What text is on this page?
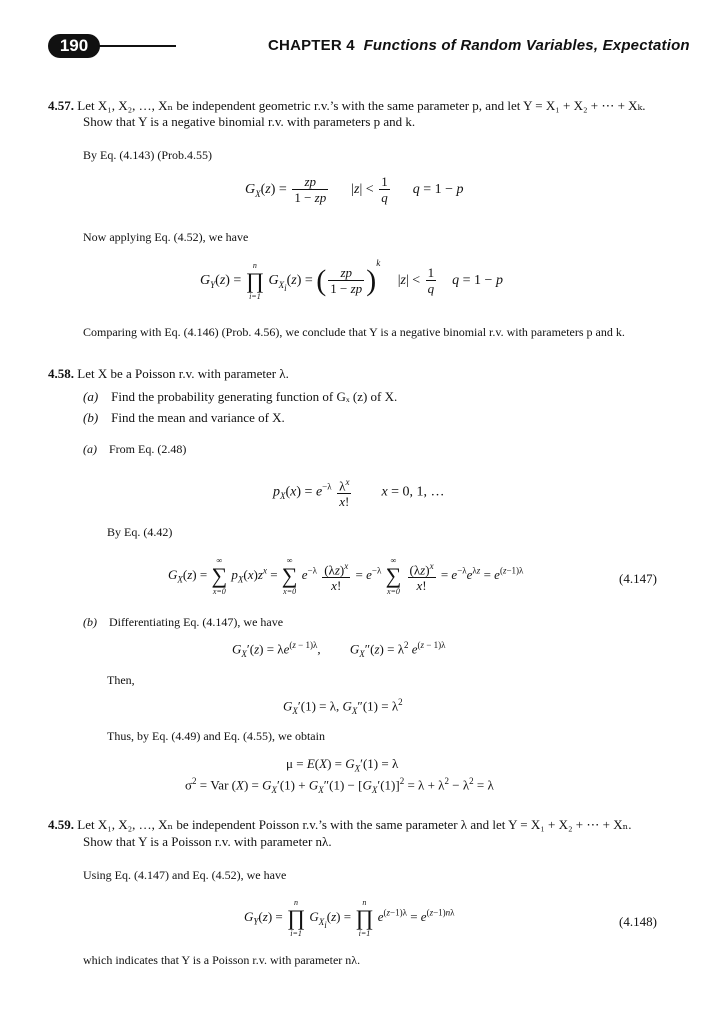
190	CHAPTER 4 Functions of Random Variables, Expectation
4.57. Let X₁, X₂, …, Xₙ be independent geometric r.v.’s with the same parameter p, and let Y = X₁ + X₂ + ⋯ + Xₖ.
Show that Y is a negative binomial r.v. with parameters p and k.
By Eq. (4.143) (Prob.4.55)
$G_X(z) = \frac{zp}{1 - zp} |z| < \frac{1}{q}$ q = 1 − p
Now applying Eq. (4.52), we have
$G_Y(z)$ =
n
∏
i=1
$G_{X_i}(z)$ = ( $\frac{zp}{1 - zp} )^k$     $|z| < \frac{1}{q}$ q = 1 − p
Comparing with Eq. (4.146) (Prob. 4.56), we conclude that Y is a negative binomial r.v. with parameters p and k.
4.58. Let X be a Poisson r.v. with parameter λ.
(a) Find the probability generating function of Gₓ (z) of X.
(b) Find the mean and variance of X.
(a) From Eq. (2.48)
$p_X(x) = e^{-\lambda} \frac{\lambda^x}{x!}$ x = 0, 1, …
By Eq. (4.42)
$G_X(z)$ =
∞
∑
x=0
$p_X(x)z^x$ =
∞
∑
x=0
$e^{-\lambda} \frac{(\lambda z)^x}{x!} = e^{-\lambda}$
∞
∑
x=0
$\frac{(\lambda z)^x}{x!} = e^{-\lambda}e^{\lambda z} = e^{(z-1)\lambda}$
(4.147)
(b) Differentiating Eq. (4.147), we have
$G_X'(z) = \lambda e^{(z - 1)\lambda}$,         $G_X''(z) = \lambda^2$ $e^{(z - 1)\lambda}$
Then,
$G_X'(1) = \lambda$, $G_X''(1) = \lambda^2$
Thus, by Eq. (4.49) and Eq. (4.55), we obtain
$\mu = E(X) = G_X'(1) = \lambda$
$\sigma^2$ = Var $(X) = G_X'(1) + G_X''(1) - [G_X'(1)]^2 = \lambda + \lambda^2 - \lambda^2 = \lambda$
4.59. Let X₁, X₂, …, Xₙ be independent Poisson r.v.’s with the same parameter λ and let Y = X₁ + X₂ + ⋯ + Xₙ.
Show that Y is a Poisson r.v. with parameter nλ.
Using Eq. (4.147) and Eq. (4.52), we have
$G_Y(z)$ =
n
∏
i=1
$G_{X_i}(z)$ =
n
∏
i=1
$e^{(z-1)\lambda} = e^{(z-1)n\lambda}$
(4.148)
which indicates that Y is a Poisson r.v. with parameter nλ.
